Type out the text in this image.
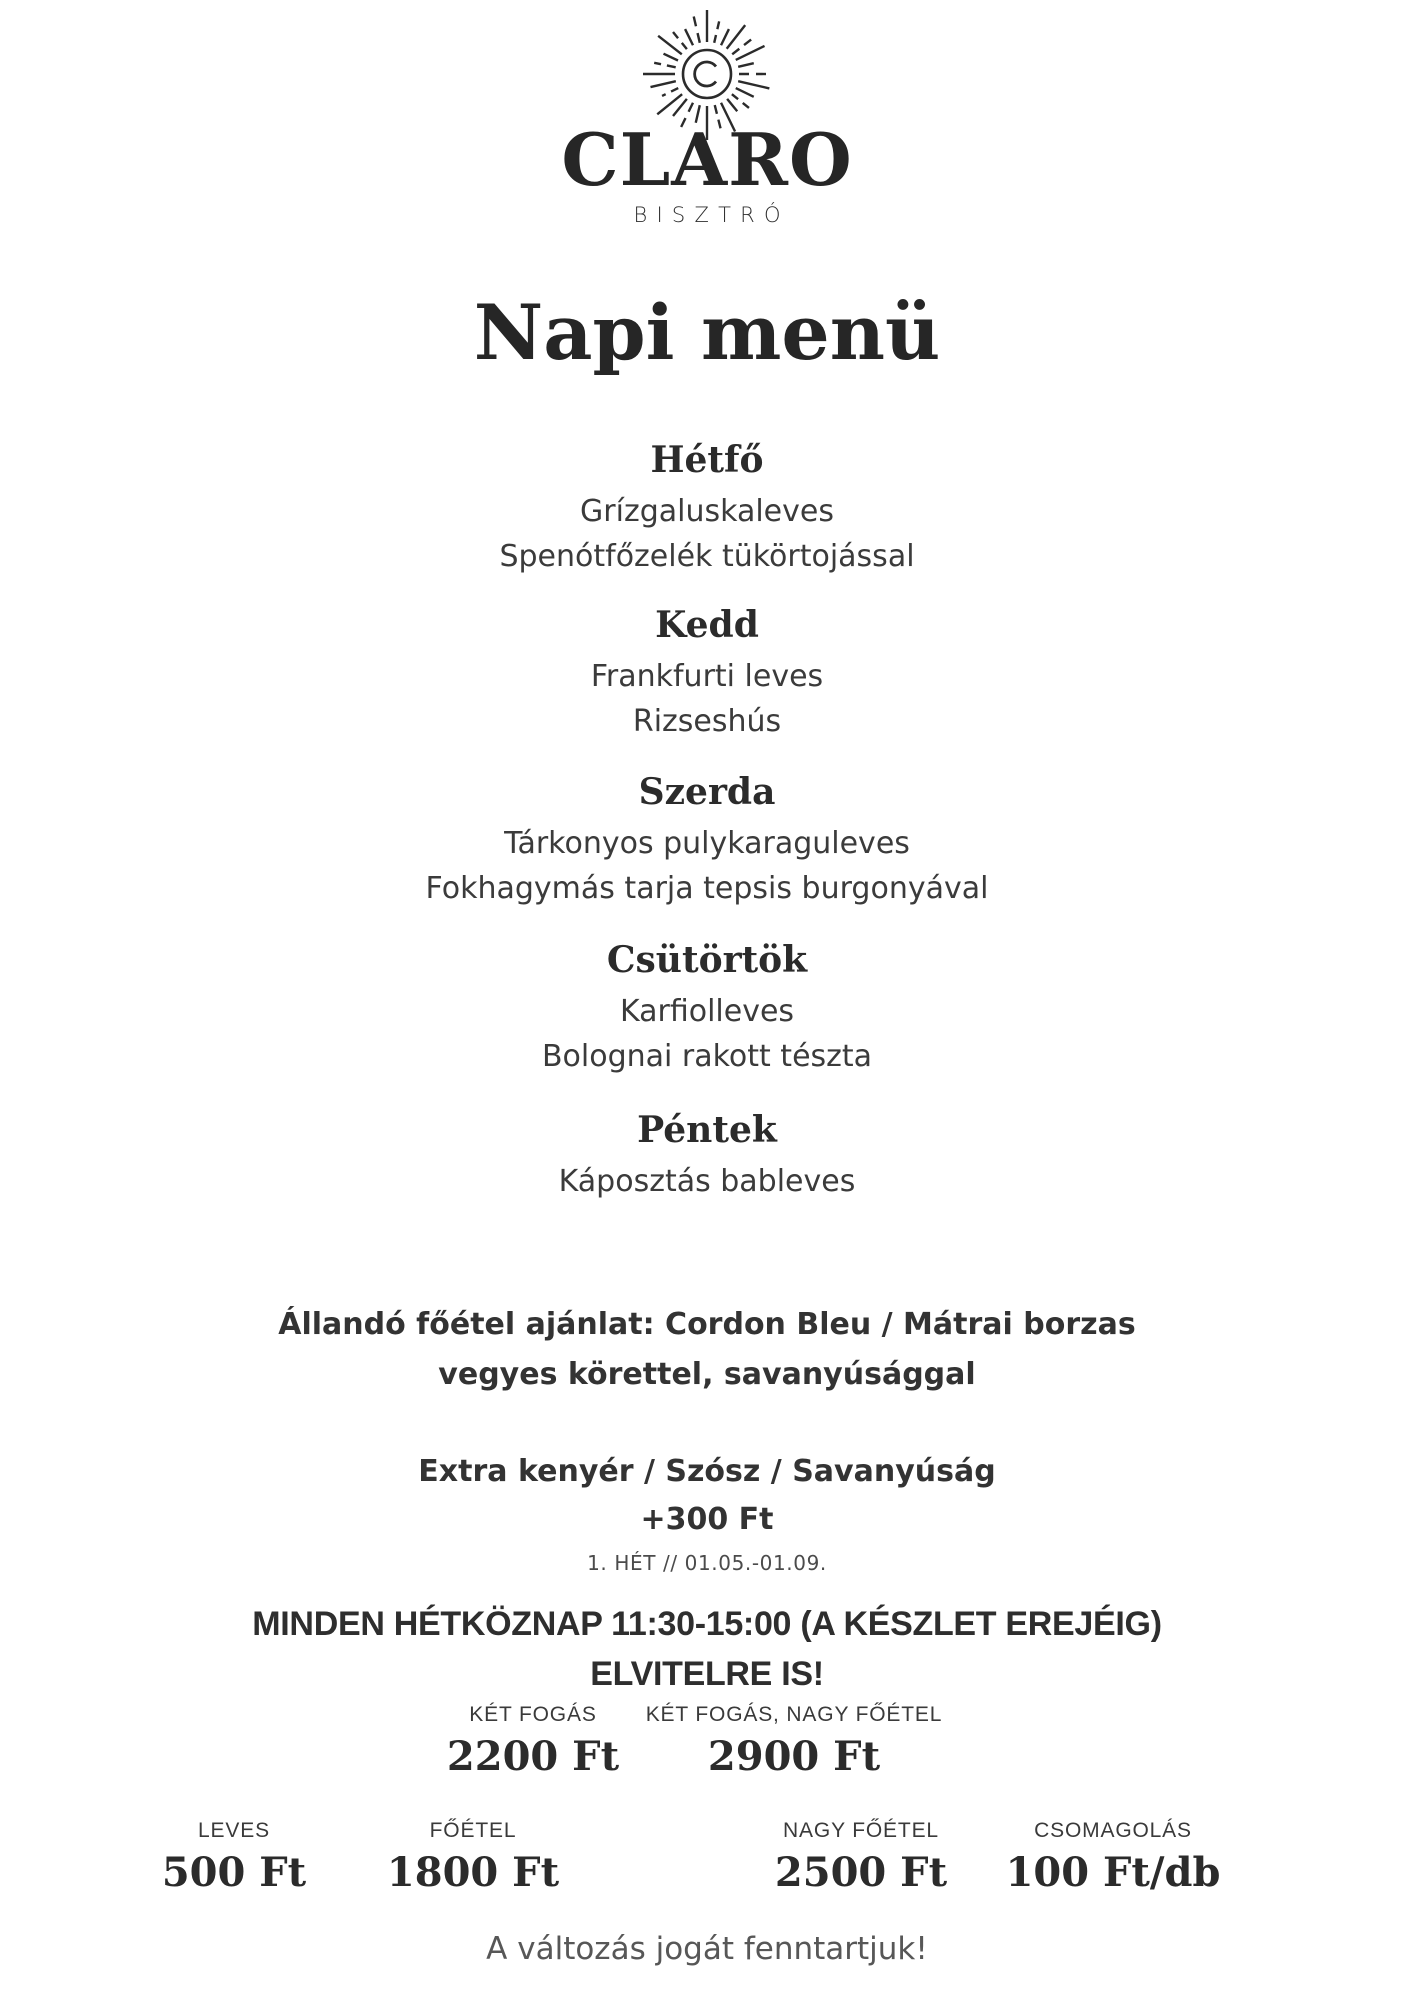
CLARO
BISZTRÓ
Napi menü
Hétfő

Grízgaluskaleves

Spenótfőzelék tükörtojással

Kedd

Frankfurti leves

Rizseshús

Szerda

Tárkonyos pulykaraguleves

Fokhagymás tarja tepsis burgonyával

Csütörtök

Karfiolleves

Bolognai rakott tészta

Péntek

Káposztás bableves

Állandó főétel ajánlat: Cordon Bleu / Mátrai borzas
vegyes körettel, savanyúsággal
Extra kenyér / Szósz / Savanyúság
+300 Ft
1. HÉT // 01.05.-01.09.
MINDEN HÉTKÖZNAP 11:30-15:00 (A KÉSZLET EREJÉIG)
ELVITELRE IS!
KÉT FOGÁS
2200 Ft
KÉT FOGÁS, NAGY FŐÉTEL
2900 Ft
LEVES
500 Ft
FŐÉTEL
1800 Ft
NAGY FŐÉTEL
2500 Ft
CSOMAGOLÁS
100 Ft/db
A változás jogát fenntartjuk!
